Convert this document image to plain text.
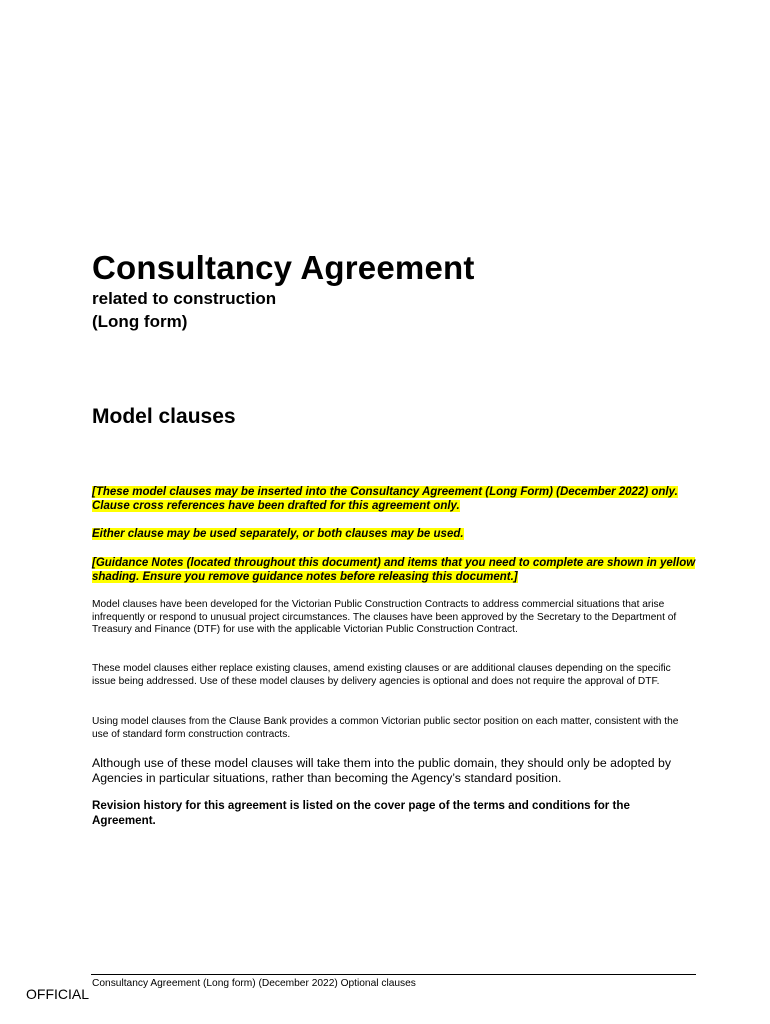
Consultancy Agreement
related to construction
(Long form)
Model clauses

[These model clauses may be inserted into the Consultancy Agreement (Long Form) (December 2022) only. Clause cross references have been drafted for this agreement only.

Either clause may be used separately, or both clauses may be used.

[Guidance Notes (located throughout this document) and items that you need to complete are shown in yellow shading. Ensure you remove guidance notes before releasing this document.]

Model clauses have been developed for the Victorian Public Construction Contracts to address commercial situations that arise infrequently or respond to unusual project circumstances. The clauses have been approved by the Secretary to the Department of Treasury and Finance (DTF) for use with the applicable Victorian Public Construction Contract.

These model clauses either replace existing clauses, amend existing clauses or are additional clauses depending on the specific issue being addressed. Use of these model clauses by delivery agencies is optional and does not require the approval of DTF.

Using model clauses from the Clause Bank provides a common Victorian public sector position on each matter, consistent with the use of standard form construction contracts.

Although use of these model clauses will take them into the public domain, they should only be adopted by Agencies in particular situations, rather than becoming the Agency’s standard position.

Revision history for this agreement is listed on the cover page of the terms and conditions for the Agreement.

Consultancy Agreement (Long form) (December 2022) Optional clauses
OFFICIAL
